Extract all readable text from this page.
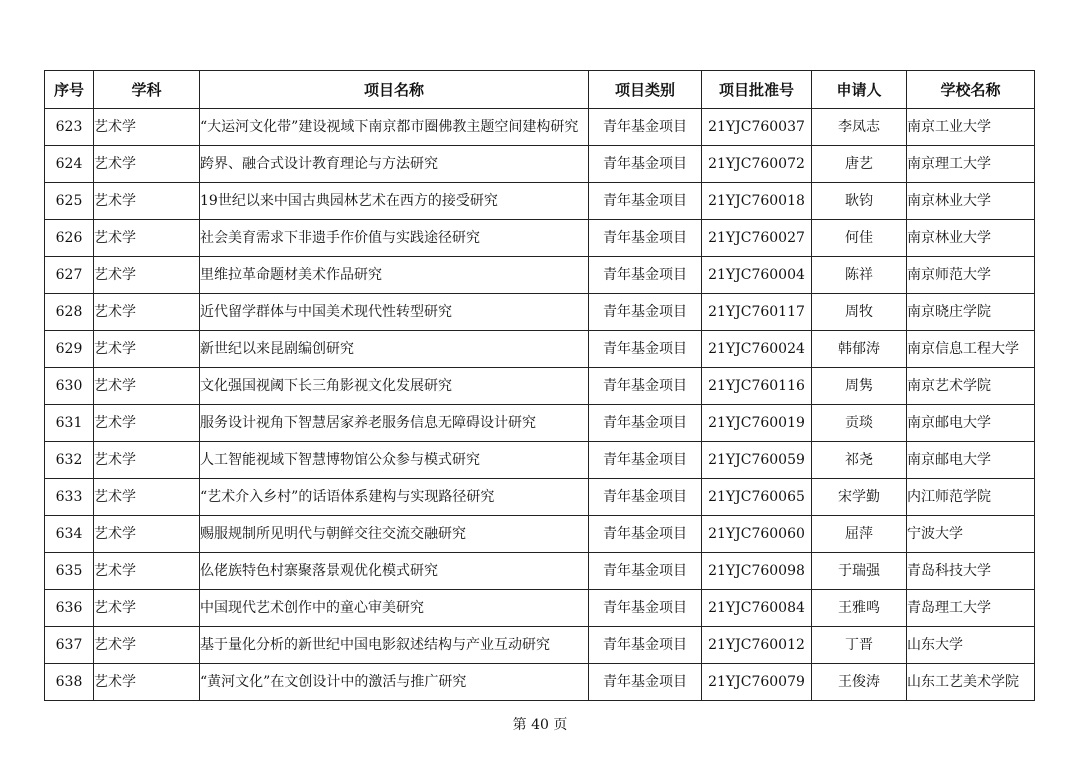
序号	学科	项目名称	项目类别	项目批准号	申请人	学校名称
623	艺术学	“大运河文化带”建设视域下南京都市圈佛教主题空间建构研究	青年基金项目	21YJC760037	李凤志	南京工业大学
624	艺术学	跨界、融合式设计教育理论与方法研究	青年基金项目	21YJC760072	唐艺	南京理工大学
625	艺术学	19世纪以来中国古典园林艺术在西方的接受研究	青年基金项目	21YJC760018	耿钧	南京林业大学
626	艺术学	社会美育需求下非遗手作价值与实践途径研究	青年基金项目	21YJC760027	何佳	南京林业大学
627	艺术学	里维拉革命题材美术作品研究	青年基金项目	21YJC760004	陈祥	南京师范大学
628	艺术学	近代留学群体与中国美术现代性转型研究	青年基金项目	21YJC760117	周牧	南京晓庄学院
629	艺术学	新世纪以来昆剧编创研究	青年基金项目	21YJC760024	韩郁涛	南京信息工程大学
630	艺术学	文化强国视阈下长三角影视文化发展研究	青年基金项目	21YJC760116	周隽	南京艺术学院
631	艺术学	服务设计视角下智慧居家养老服务信息无障碍设计研究	青年基金项目	21YJC760019	贡琰	南京邮电大学
632	艺术学	人工智能视域下智慧博物馆公众参与模式研究	青年基金项目	21YJC760059	祁尧	南京邮电大学
633	艺术学	“艺术介入乡村”的话语体系建构与实现路径研究	青年基金项目	21YJC760065	宋学勤	内江师范学院
634	艺术学	赐服规制所见明代与朝鲜交往交流交融研究	青年基金项目	21YJC760060	屈萍	宁波大学
635	艺术学	仫佬族特色村寨聚落景观优化模式研究	青年基金项目	21YJC760098	于瑞强	青岛科技大学
636	艺术学	中国现代艺术创作中的童心审美研究	青年基金项目	21YJC760084	王雅鸣	青岛理工大学
637	艺术学	基于量化分析的新世纪中国电影叙述结构与产业互动研究	青年基金项目	21YJC760012	丁晋	山东大学
638	艺术学	“黄河文化”在文创设计中的激活与推广研究	青年基金项目	21YJC760079	王俊涛	山东工艺美术学院
第 40 页
